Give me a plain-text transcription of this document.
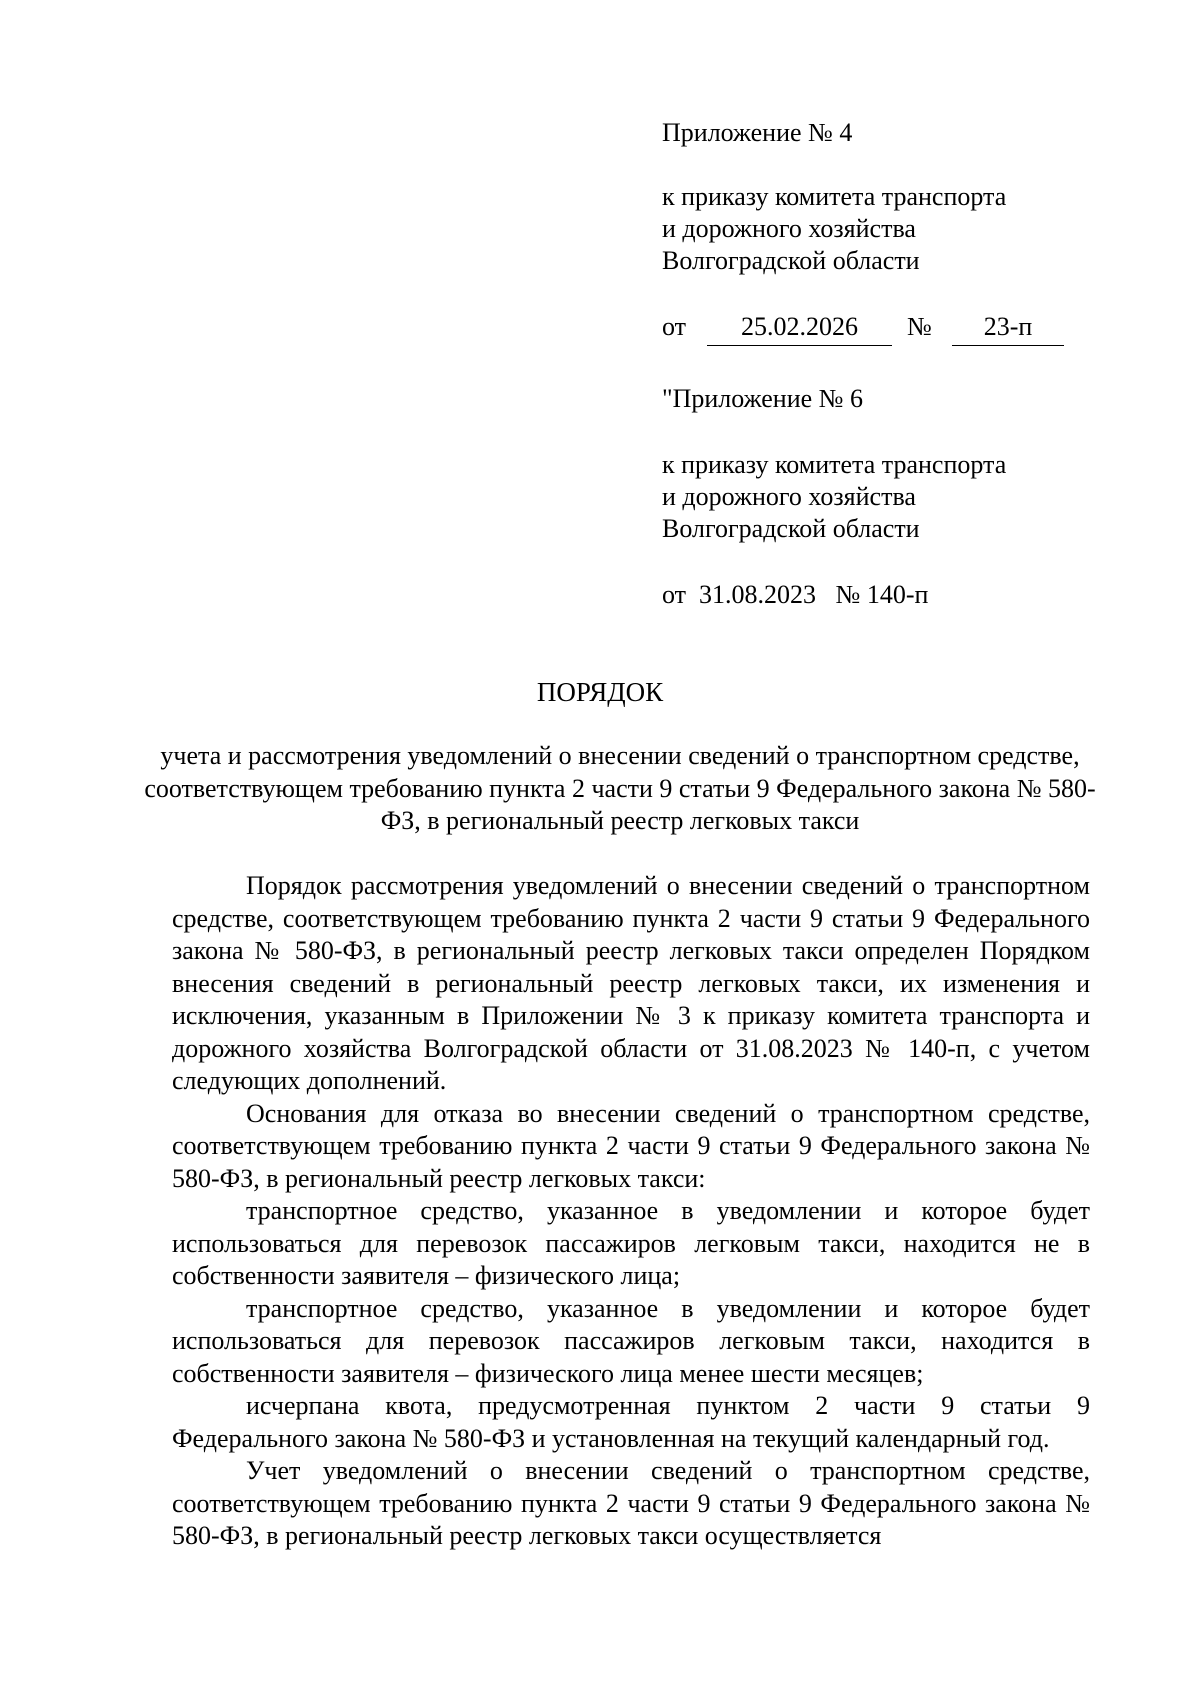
Приложение № 4
к приказу комитета транспорта
и дорожного хозяйства
Волгоградской области
от	25.02.2026	№	23-п
"Приложение № 6
к приказу комитета транспорта
и дорожного хозяйства
Волгоградской области
от  31.08.2023   № 140-п
ПОРЯДОК
учета и рассмотрения уведомлений о внесении сведений о транспортном средстве, соответствующем требованию пункта 2 части 9 статьи 9 Федерального закона № 580-ФЗ, в региональный реестр легковых такси

Порядок рассмотрения уведомлений о внесении сведений о транспортном средстве, соответствующем требованию пункта 2 части 9 статьи 9 Федерального закона № 580-ФЗ, в региональный реестр легковых такси определен Порядком внесения сведений в региональный реестр легковых такси, их изменения и исключения, указанным в Приложении № 3 к приказу комитета транспорта и дорожного хозяйства Волгоградской области от 31.08.2023 № 140-п, с учетом следующих дополнений.

Основания для отказа во внесении сведений о транспортном средстве, соответствующем требованию пункта 2 части 9 статьи 9 Федерального закона № 580-ФЗ, в региональный реестр легковых такси:

транспортное средство, указанное в уведомлении и которое будет использоваться для перевозок пассажиров легковым такси, находится не в собственности заявителя – физического лица;

транспортное средство, указанное в уведомлении и которое будет использоваться для перевозок пассажиров легковым такси, находится в собственности заявителя – физического лица менее шести месяцев;

исчерпана квота, предусмотренная пунктом 2 части 9 статьи 9 Федерального закона № 580-ФЗ и установленная на текущий календарный год.

Учет уведомлений о внесении сведений о транспортном средстве, соответствующем требованию пункта 2 части 9 статьи 9 Федерального закона № 580-ФЗ, в региональный реестр легковых такси осуществляется
